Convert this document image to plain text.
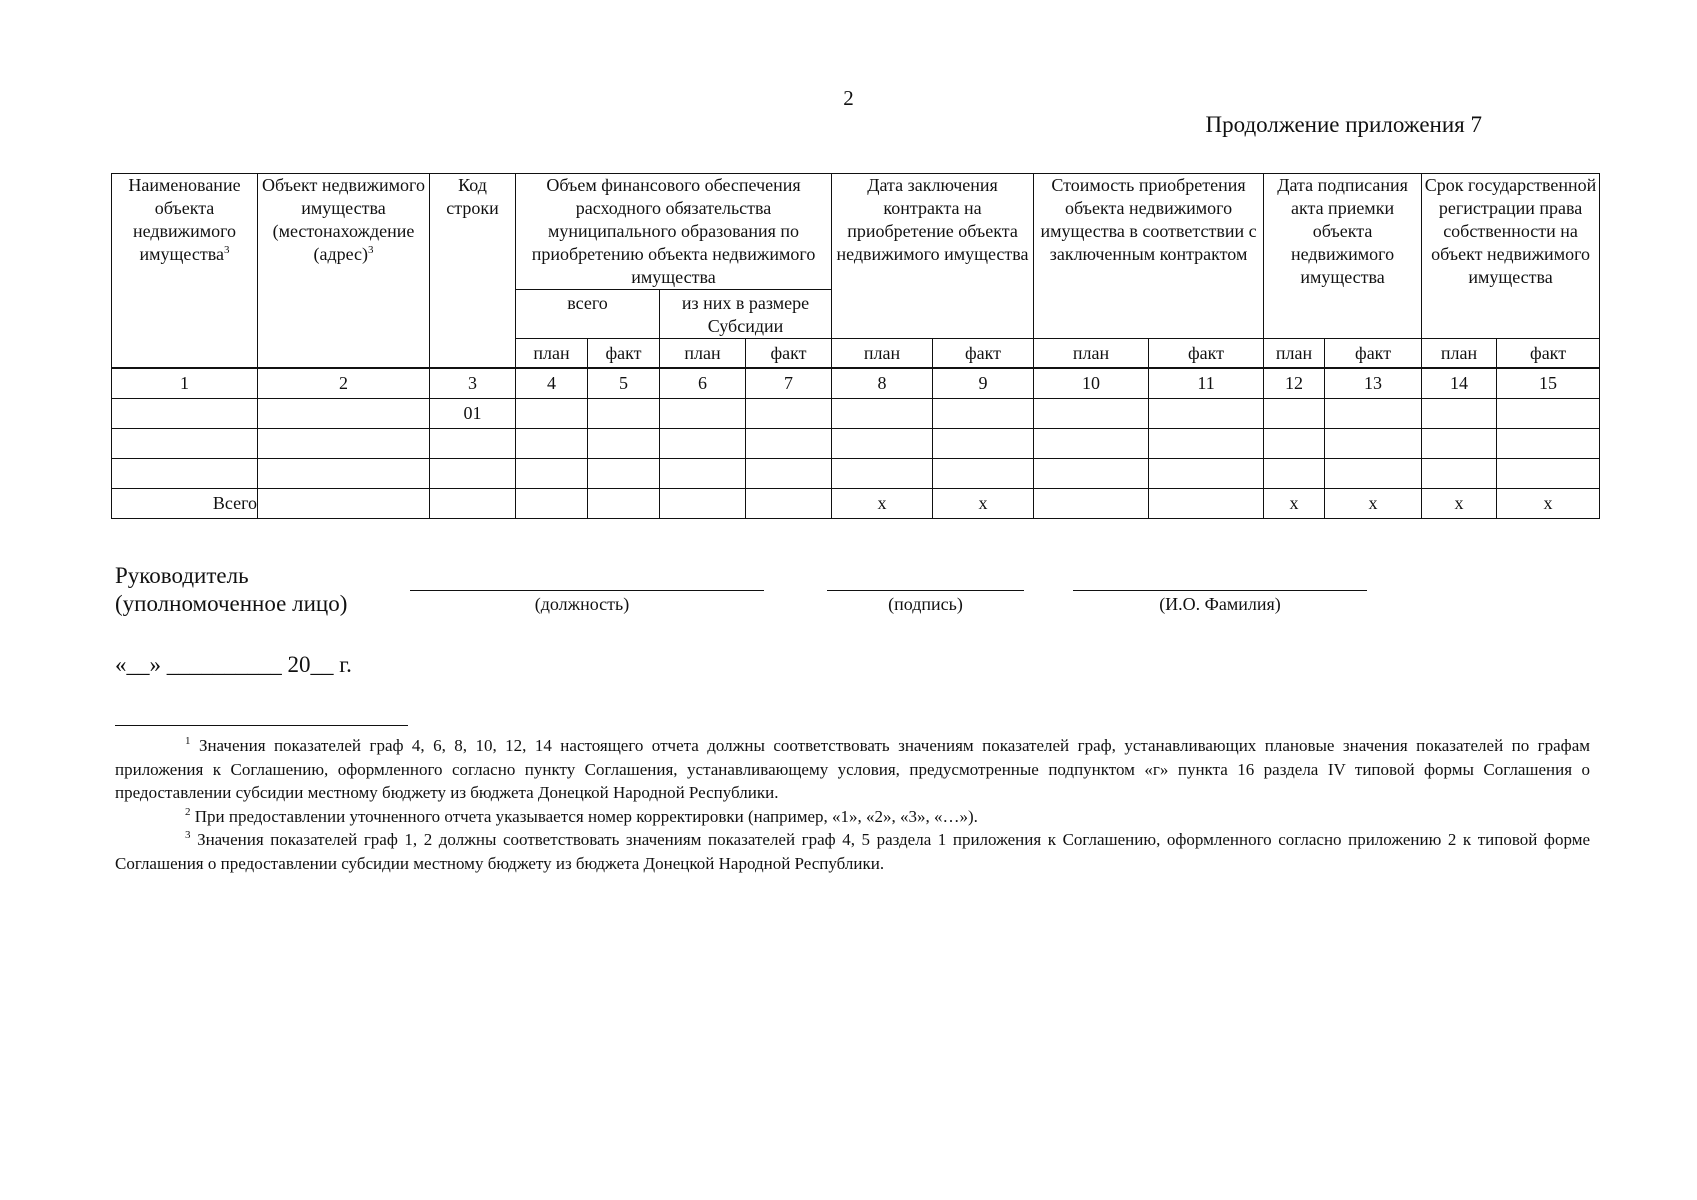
2
Продолжение приложения 7
Наименование объекта недвижимого имущества$^3$	Объект недвижимого имущества (местонахождение (адрес)$^3$	Код строки	Объем финансового обеспечения расходного обязательства муниципального образования по приобретению объекта недвижимого имущества				Дата заключения контракта на приобретение объекта недвижимого имущества		Стоимость приобретения объекта недвижимого имущества в соответствии с заключенным контрактом		Дата подписания акта приемки объекта недвижимого имущества		Срок государственной регистрации права собственности на объект недвижимого имущества	
			всего		из них в размере Субсидии									
			план	факт	план	факт	план	факт	план	факт	план	факт	план	факт
1	2	3	4	5	6	7	8	9	10	11	12	13	14	15
		01												

Всего							x	x			x	x	x	x
Руководитель
(уполномоченное лицо)	(должность)	(подпись)	(И.О. Фамилия)
«__» __________ 20__ г.

$^1$ Значения показателей граф 4, 6, 8, 10, 12, 14 настоящего отчета должны соответствовать значениям показателей граф, устанавливающих плановые значения показателей по графам приложения к Соглашению, оформленного согласно пункту Соглашения, устанавливающему условия, предусмотренные подпунктом «г» пункта 16 раздела IV типовой формы Соглашения о предоставлении субсидии местному бюджету из бюджета Донецкой Народной Республики.

$^2$ При предоставлении уточненного отчета указывается номер корректировки (например, «1», «2», «3», «…»).

$^3$ Значения показателей граф 1, 2 должны соответствовать значениям показателей граф 4, 5 раздела 1 приложения к Соглашению, оформленного согласно приложению 2 к типовой форме Соглашения о предоставлении субсидии местному бюджету из бюджета Донецкой Народной Республики.
